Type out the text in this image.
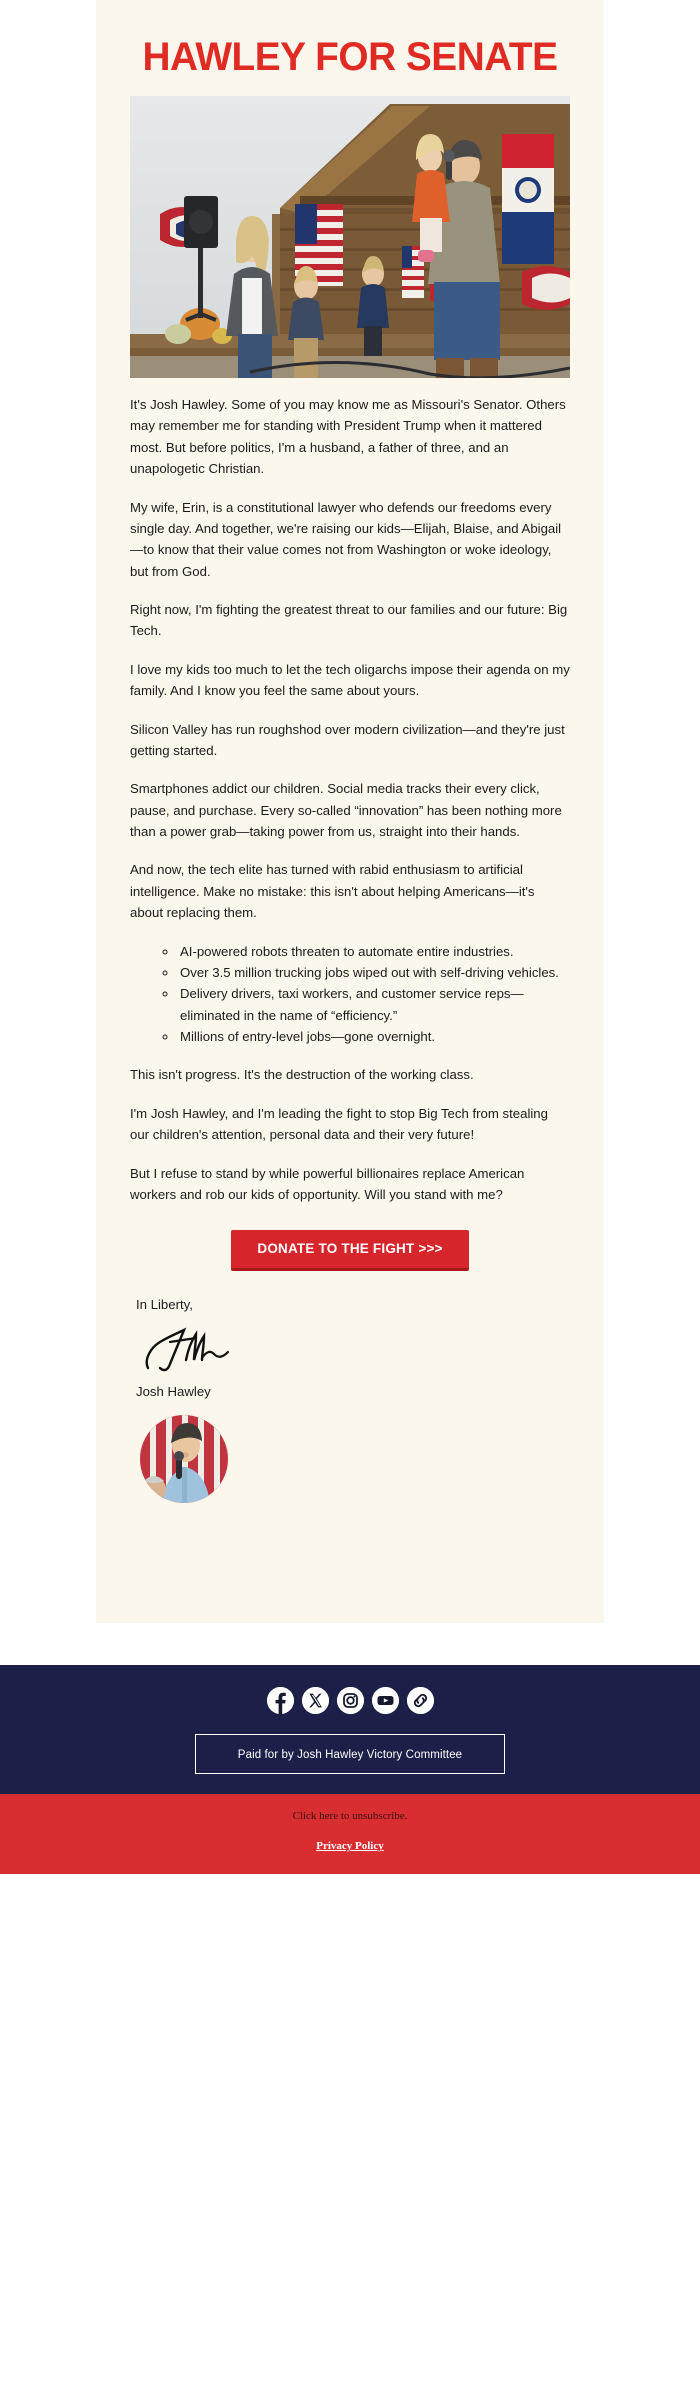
HAWLEY FOR SENATE

It's Josh Hawley. Some of you may know me as Missouri's Senator. Others may remember me for standing with President Trump when it mattered most. But before politics, I'm a husband, a father of three, and an unapologetic Christian.

My wife, Erin, is a constitutional lawyer who defends our freedoms every single day. And together, we're raising our kids—Elijah, Blaise, and Abigail—to know that their value comes not from Washington or woke ideology, but from God.

Right now, I'm fighting the greatest threat to our families and our future: Big Tech.

I love my kids too much to let the tech oligarchs impose their agenda on my family. And I know you feel the same about yours.

Silicon Valley has run roughshod over modern civilization—and they're just getting started.

Smartphones addict our children. Social media tracks their every click, pause, and purchase. Every so-called “innovation” has been nothing more than a power grab—taking power from us, straight into their hands.

And now, the tech elite has turned with rabid enthusiasm to artificial intelligence. Make no mistake: this isn't about helping Americans—it's about replacing them.

◦ AI-powered robots threaten to automate entire industries.
◦ Over 3.5 million trucking jobs wiped out with self-driving vehicles.
◦ Delivery drivers, taxi workers, and customer service reps—eliminated in the name of “efficiency.”
◦ Millions of entry-level jobs—gone overnight.

This isn't progress. It's the destruction of the working class.

I'm Josh Hawley, and I'm leading the fight to stop Big Tech from stealing our children's attention, personal data and their very future!

But I refuse to stand by while powerful billionaires replace American workers and rob our kids of opportunity. Will you stand with me?

DONATE TO THE FIGHT >>>
In Liberty,
Josh Hawley
Paid for by Josh Hawley Victory Committee
Click here to unsubscribe.
Privacy Policy
